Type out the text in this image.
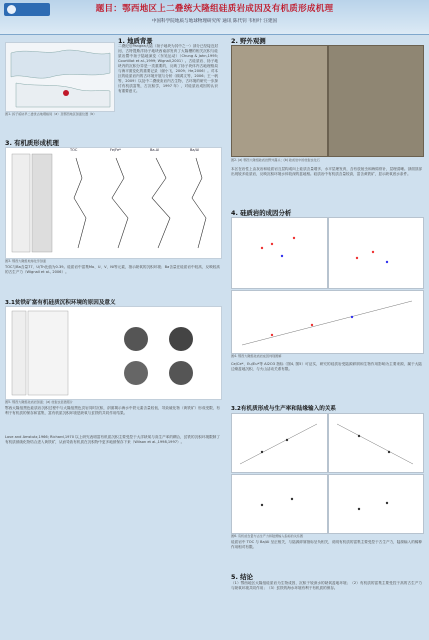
题目：鄂西地区上二叠统大隆组硅质岩成因及有机质形成机理
中国科学院地质与地球物理研究所 通讯 陈代钊 韦恒叶 汪建国
1. 地质背景
图1. 扬子板块早二叠世古地理格局（a）及鄂西地区剖面位置（b）
二叠纪后Pangea大陆（扬子地块为其中之一）部分已经接近封闭，古特提斯洋扬子地块西南部发育了大隆槽的相关沉积与硅质岩暨中扬子陆地演变（东吴运动）（Chung & Jahn,1995; Courtillot et al.,1999; Wignall,2001）。古硅质岩、扬子地块内的沉积分异是一类重要的，反映了扬子块体内古地理格局与海平面变化的重要记录（谢小飞，2009；He,2006）。对本区的硅质岩内的古环境开展与分析（顾鸿文等，2006；王一帆等，2009）以及中二叠统灰岩内古生物，古环境的研究一步探讨有机质富集，古沉积学，1997 年），对硅质岩成因的认识有重要意义。
2. 野外观测
图2. (a) 鄂西大隆组硅质岩野外露头；(b) 硅质岩中的放射虫化石
本区在岩性上由灰岩和硅质岩互层构成向上硅质含量增多，水平层理发育，含有放射虫和海绵骨针，层理清晰。剖面顶部出现较多硅质岩，反映沉积环境水体较深的盆地相。硅质岩中有机质含量较高，富含黄铁矿，显示缺氧底水条件。
3. 有机质形成机理
TOC	Fe/Fe*	Ba-Al	Ba/Al
图3. 鄂西大隆组地球化学剖面
TOC与Ba含量77、U/Th比值为0.39。硅质岩中富集Mo、U、V、Ni等元素，指示缺氧的沉积环境；Ba含量在硅质岩中较高，反映较高的古生产力（Wignall et al., 2006）。
3.1贫铁矿富有机硅质沉积环境的原因及意义
图5. 鄂西大隆组硅质岩剖面；(a) 放射虫显微照片
鄂西大隆组黑色硅质岩沉积过程中与大隆组黑色页岩同时沉积，剖面揭示海水中铁元素含量较低，导致硫化物（黄铁矿）形成受限，有利于有机质的保存和富集，富有机质沉积环境是缺氧与贫铁的共同作用结果。
Love and Amstutz,1966; Richard,1970 以上研究表明富有机质沉积主要受控于大洋缺氧与高生产率的耦合，贫铁的沉积环境限制了有机质被硫化物结合进入黄铁矿，从而导致有机质在沉积物中更多地被保存下来（Wilson et al.,1998,1997）。
4. 硅质岩的成因分析
图4. 鄂西大隆组硅质岩成因判别图解
Ce/Ce*、Eu/Eu*等 Al2O3 指标（图4, 图5）可证实，研究的硅质岩受陆源碎屑和生物作用影响为主要来源，属于大陆边缘盆地沉积，与火山活动关系有限。
3.2有机质形成与生产率和陆缘输入的关系
图6. 有机质含量与古生产力和陆源输入指标的关系图
硅质岩中 TOC 与 Ba/Al 呈正相关，与陆源碎屑指标呈负相关，说明有机质的富集主要受控于古生产力，陆源输入的稀释作用相对有限。
5. 结论
（1）鄂西地区大隆组硅质岩为生物成因，沉积于较深水的缺氧盆地环境；（2）有机质的富集主要受控于高的古生产力与缺氧环境共同作用；（3）贫铁的海水环境有利于有机质的保存。
